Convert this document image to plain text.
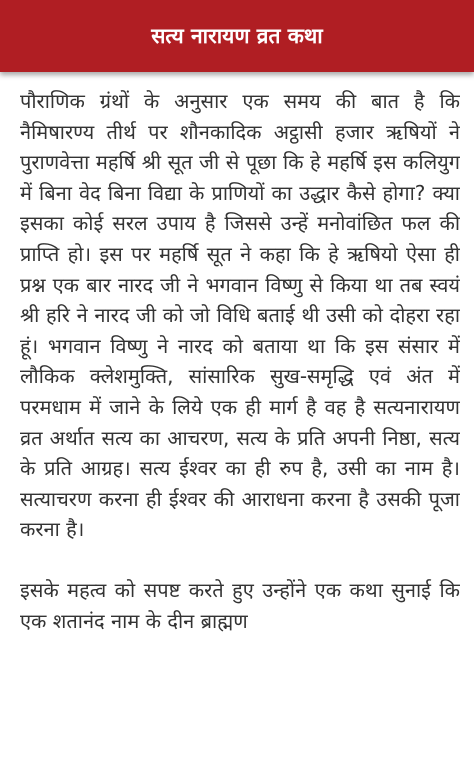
सत्य नारायण व्रत कथा

पौराणिक ग्रंथों के अनुसार एक समय की बात है कि नैमिषारण्य तीर्थ पर शौनकादिक अट्ठासी हजार ऋषियों ने पुराणवेत्ता महर्षि श्री सूत जी से पूछा कि हे महर्षि इस कलियुग में बिना वेद बिना विद्या के प्राणियों का उद्धार कैसे होगा? क्या इसका कोई सरल उपाय है जिससे उन्हें मनोवांछित फल की प्राप्ति हो। इस पर महर्षि सूत ने कहा कि हे ऋषियो ऐसा ही प्रश्न एक बार नारद जी ने भगवान विष्णु से किया था तब स्वयं श्री हरि ने नारद जी को जो विधि बताई थी उसी को दोहरा रहा हूं। भगवान विष्णु ने नारद को बताया था कि इस संसार में लौकिक क्लेशमुक्ति, सांसारिक सुख-समृद्धि एवं अंत में परमधाम में जाने के लिये एक ही मार्ग है वह है सत्यनारायण व्रत अर्थात सत्य का आचरण, सत्य के प्रति अपनी निष्ठा, सत्य के प्रति आग्रह। सत्य ईश्वर का ही रुप है, उसी का नाम है। सत्याचरण करना ही ईश्वर की आराधना करना है उसकी पूजा करना है।

इसके महत्व को सपष्ट करते हुए उन्होंने एक कथा सुनाई कि एक शतानंद नाम के दीन ब्राह्मण
